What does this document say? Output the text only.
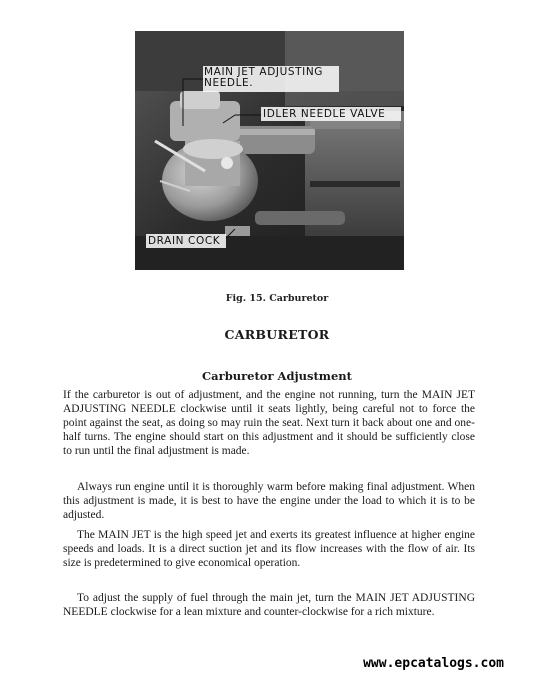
MAIN JET ADJUSTING
NEEDLE.
IDLER NEEDLE VALVE
DRAIN COCK
Fig. 15. Carburetor
CARBURETOR
Carburetor Adjustment

If the carburetor is out of adjustment, and the engine not running, turn the MAIN JET ADJUSTING NEEDLE clockwise until it seats lightly, being careful not to force the point against the seat, as doing so may ruin the seat. Next turn it back about one and one-half turns. The engine should start on this adjustment and it should be sufficiently close to run until the final adjustment is made.

Always run engine until it is thoroughly warm before making final adjustment. When this adjustment is made, it is best to have the engine under the load to which it is to be adjusted.

The MAIN JET is the high speed jet and exerts its greatest influence at higher engine speeds and loads. It is a direct suction jet and its flow increases with the flow of air. Its size is predetermined to give economical operation.

To adjust the supply of fuel through the main jet, turn the MAIN JET ADJUSTING NEEDLE clockwise for a lean mixture and counter-clockwise for a rich mixture.

www.epcatalogs.com
